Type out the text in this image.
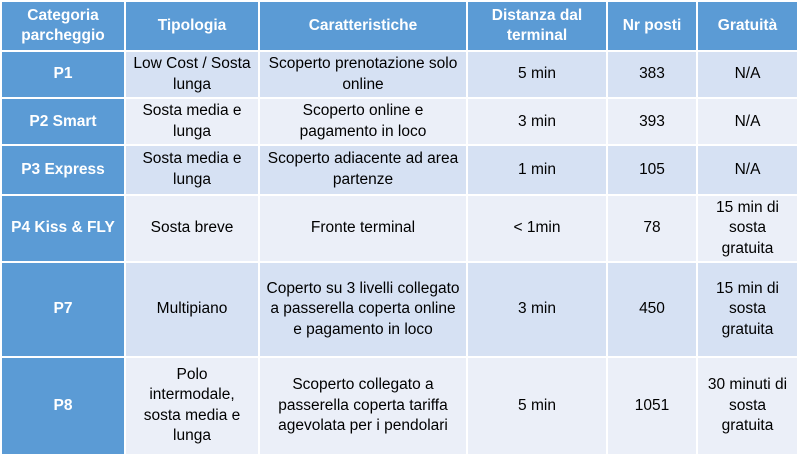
Categoria parcheggio	Tipologia	Caratteristiche	Distanza dal terminal	Nr posti	Gratuità
P1	Low Cost / Sosta lunga	Scoperto prenotazione solo online	5 min	383	N/A
P2 Smart	Sosta media e lunga	Scoperto online e pagamento in loco	3 min	393	N/A
P3 Express	Sosta media e lunga	Scoperto adiacente ad area partenze	1 min	105	N/A
P4 Kiss & FLY	Sosta breve	Fronte terminal	< 1min	78	15 min di sosta gratuita
P7	Multipiano	Coperto su 3 livelli collegato a passerella coperta online e pagamento in loco	3 min	450	15 min di sosta gratuita
P8	Polo intermodale, sosta media e lunga	Scoperto collegato a passerella coperta tariffa agevolata per i pendolari	5 min	1051	30 minuti di sosta gratuita
